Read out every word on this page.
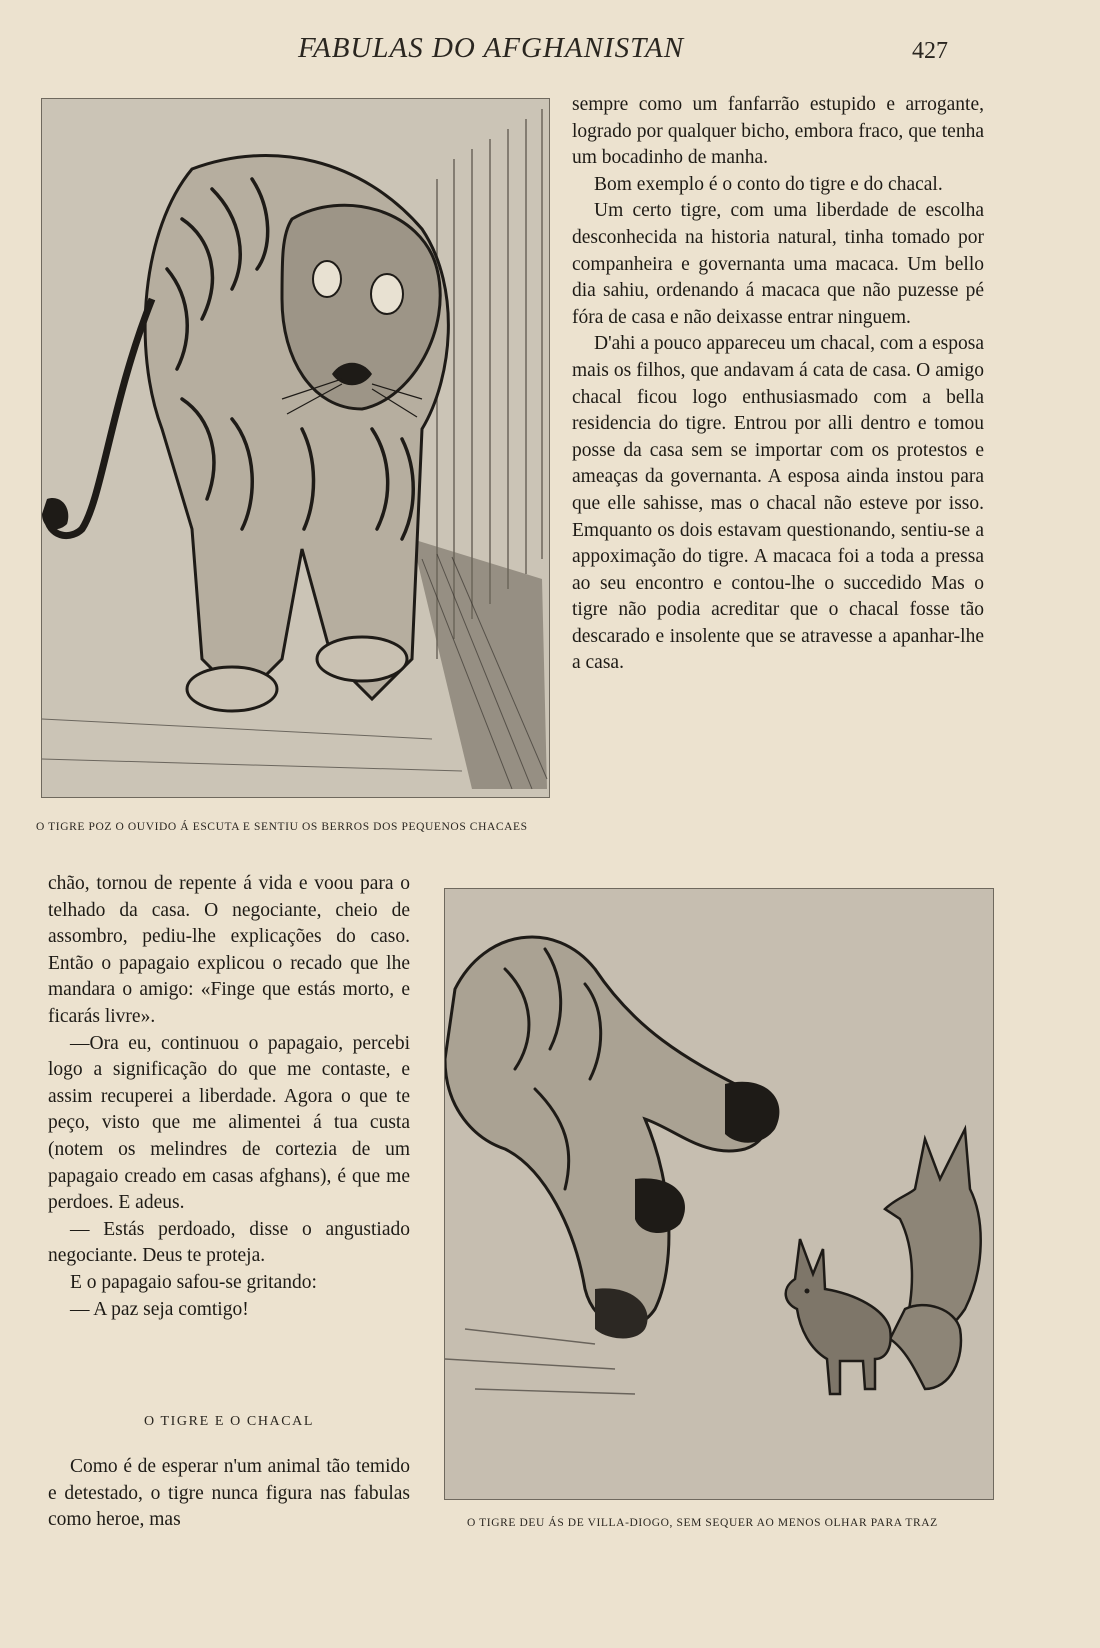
FABULAS DO AFGHANISTAN	427
O TIGRE POZ O OUVIDO Á ESCUTA E SENTIU OS BERROS DOS PEQUENOS CHACAES

sempre como um fanfarrão estupido e arrogante, logrado por qualquer bicho, embora fraco, que tenha um bocadinho de manha.

Bom exemplo é o conto do tigre e do chacal.

Um certo tigre, com uma liberdade de escolha desconhecida na historia natural, tinha tomado por companheira e governanta uma macaca. Um bello dia sahiu, ordenando á macaca que não puzesse pé fóra de casa e não deixasse entrar ninguem.

D'ahi a pouco appareceu um chacal, com a esposa mais os filhos, que andavam á cata de casa. O amigo chacal ficou logo enthusiasmado com a bella residencia do tigre. Entrou por alli dentro e tomou posse da casa sem se importar com os protestos e ameaças da governanta. A esposa ainda instou para que elle sahisse, mas o chacal não esteve por isso. Emquanto os dois estavam questionando, sentiu-se a appoximação do tigre. A macaca foi a toda a pressa ao seu encontro e contou-lhe o succedido Mas o tigre não podia acreditar que o chacal fosse tão descarado e insolente que se atravesse a apanhar-lhe a casa.

chão, tornou de repente á vida e voou para o telhado da casa. O negociante, cheio de assombro, pediu-lhe explicações do caso. Então o papagaio explicou o recado que lhe mandara o amigo: «Finge que estás morto, e ficarás livre».

—Ora eu, continuou o papagaio, percebi logo a significação do que me contaste, e assim recuperei a liberdade. Agora o que te peço, visto que me alimentei á tua custa (notem os melindres de cortezia de um papagaio creado em casas afghans), é que me perdoes. E adeus.

— Estás perdoado, disse o angustiado negociante. Deus te proteja.

E o papagaio safou-se gritando:

— A paz seja comtigo!

O TIGRE E O CHACAL

Como é de esperar n'um animal tão temido e detestado, o tigre nunca figura nas fabulas como heroe, mas	O TIGRE DEU ÁS DE VILLA-DIOGO, SEM SEQUER AO MENOS OLHAR PARA TRAZ
